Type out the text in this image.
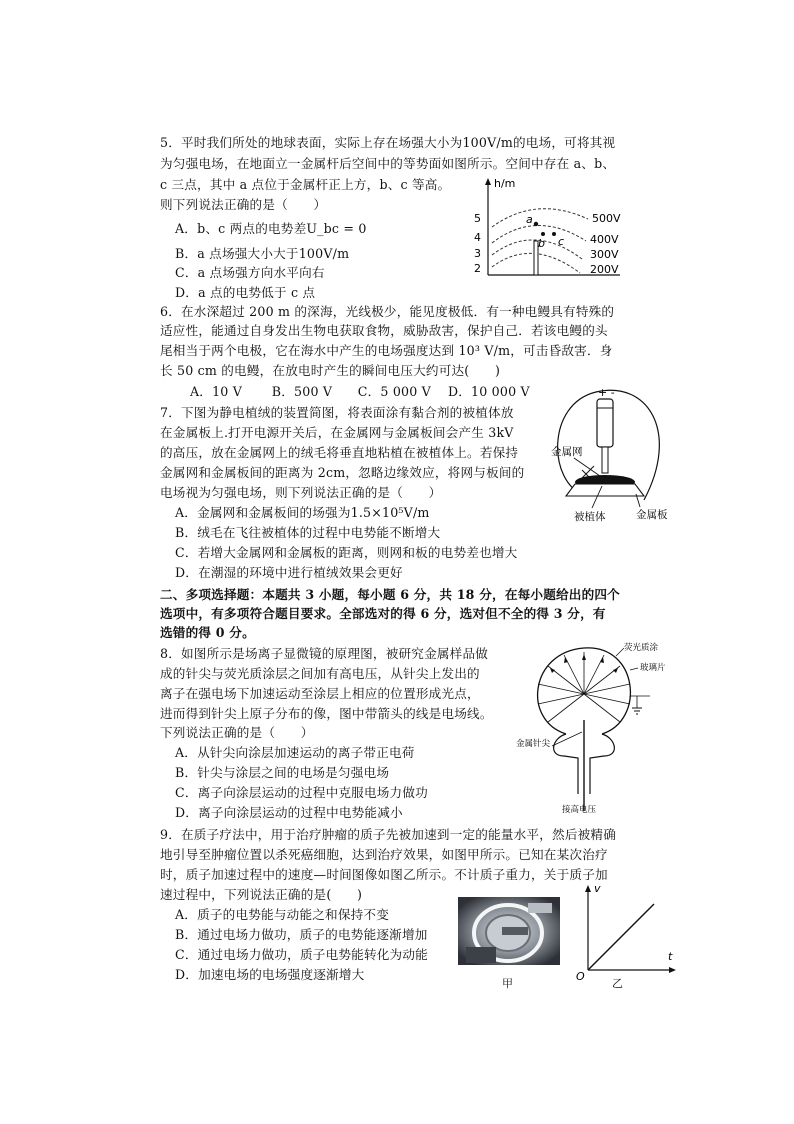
5．平时我们所处的地球表面，实际上存在场强大小为100V/m的电场，可将其视
为匀强电场，在地面立一金属杆后空间中的等势面如图所示。空间中存在 a、b、
c 三点，其中 a 点位于金属杆正上方，b、c 等高。
则下列说法正确的是（　　）
A．b、c 两点的电势差U_bc = 0
B．a 点场强大小大于100V/m
C．a 点场强方向水平向右
D．a 点的电势低于 c 点
h/m
5
4
3
2
a
b c
500V
400V
300V
200V
6．在水深超过 200 m 的深海，光线极少，能见度极低．有一种电鳗具有特殊的
适应性，能通过自身发出生物电获取食物，威胁敌害，保护自己．若该电鳗的头
尾相当于两个电极，它在海水中产生的电场强度达到 10³ V/m，可击昏敌害．身
长 50 cm 的电鳗，在放电时产生的瞬间电压大约可达(　　)
A．10 V　　 B．500 V　　C．5 000 V　 D．10 000 V
7．下图为静电植绒的装置简图，将表面涂有黏合剂的被植体放
在金属板上.打开电源开关后，在金属网与金属板间会产生 3kV
的高压，放在金属网上的绒毛将垂直地粘植在被植体上。若保持
金属网和金属板间的距离为 2cm，忽略边缘效应，将网与板间的
电场视为匀强电场，则下列说法正确的是（　　）
A．金属网和金属板间的场强为1.5×10⁵V/m
B．绒毛在飞往被植体的过程中电势能不断增大
C．若增大金属网和金属板的距离，则网和板的电势差也增大
D．在潮湿的环境中进行植绒效果会更好
+ -
金属网
被植体	金属板
二、多项选择题：本题共 3 小题，每小题 6 分，共 18 分，在每小题给出的四个
选项中，有多项符合题目要求。全部选对的得 6 分，选对但不全的得 3 分，有
选错的得 0 分。
8．如图所示是场离子显微镜的原理图，被研究金属样品做
成的针尖与荧光质涂层之间加有高电压，从针尖上发出的
离子在强电场下加速运动至涂层上相应的位置形成光点，
进而得到针尖上原子分布的像，图中带箭头的线是电场线。
下列说法正确的是（　　）
A．从针尖向涂层加速运动的离子带正电荷
B．针尖与涂层之间的电场是匀强电场
C．离子向涂层运动的过程中克服电场力做功
D．离子向涂层运动的过程中电势能减小
荧光质涂
玻璃片
金属针尖
接高电压
9．在质子疗法中，用于治疗肿瘤的质子先被加速到一定的能量水平，然后被精确
地引导至肿瘤位置以杀死癌细胞，达到治疗效果，如图甲所示。已知在某次治疗
时，质子加速过程中的速度—时间图像如图乙所示。不计质子重力，关于质子加
速过程中，下列说法正确的是(　　)
A．质子的电势能与动能之和保持不变
B．通过电场力做功，质子的电势能逐渐增加
C．通过电场力做功，质子电势能转化为动能
D．加速电场的电场强度逐渐增大
甲
v
t
O
乙
